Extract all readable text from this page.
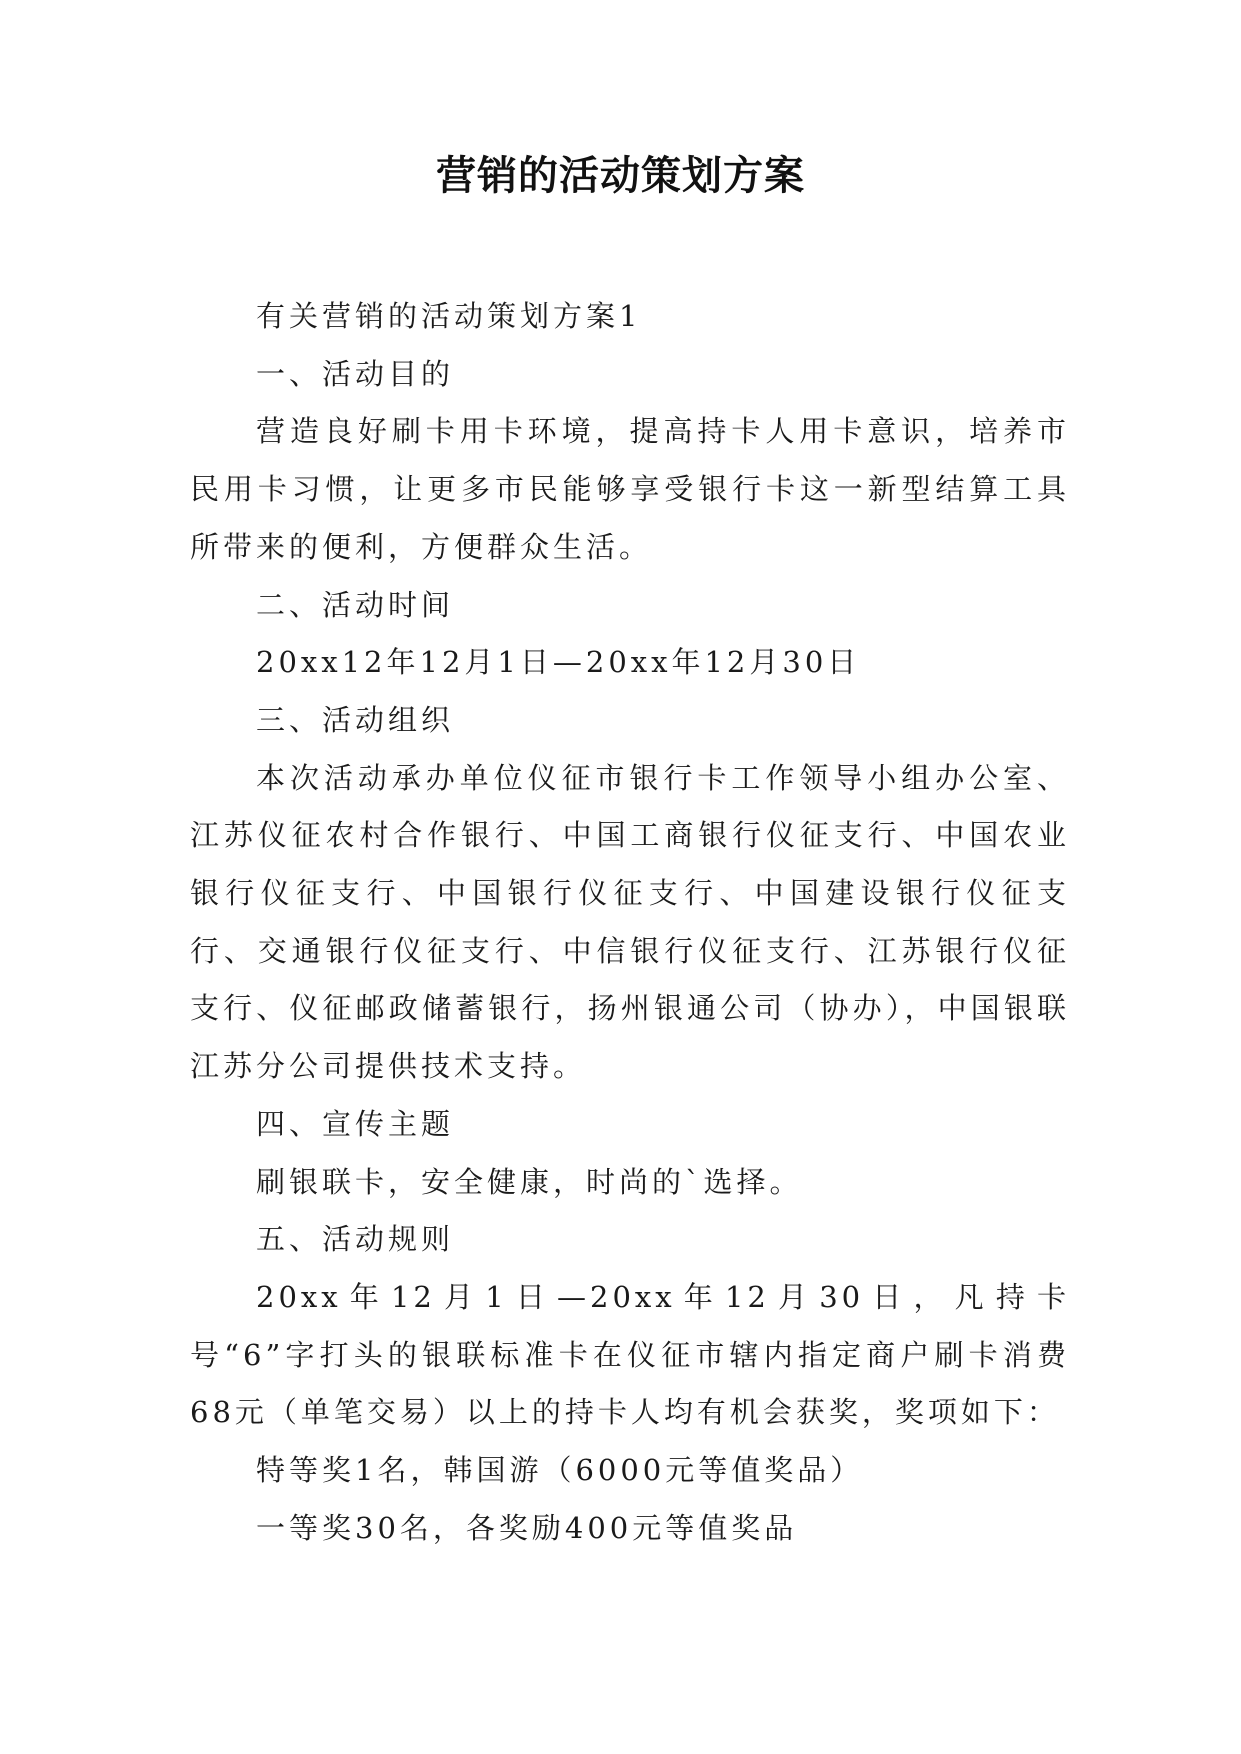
营销的活动策划方案

有关营销的活动策划方案1

一、活动目的

营造良好刷卡用卡环境，提高持卡人用卡意识，培养市民用卡习惯，让更多市民能够享受银行卡这一新型结算工具所带来的便利，方便群众生活。

二、活动时间

20xx12年12月1日—20xx年12月30日

三、活动组织

本次活动承办单位仪征市银行卡工作领导小组办公室、江苏仪征农村合作银行、中国工商银行仪征支行、中国农业银行仪征支行、中国银行仪征支行、中国建设银行仪征支行、交通银行仪征支行、中信银行仪征支行、江苏银行仪征支行、仪征邮政储蓄银行，扬州银通公司（协办），中国银联江苏分公司提供技术支持。

四、宣传主题

刷银联卡，安全健康，时尚的`选择。

五、活动规则

20xx年12月1日—20xx年12月30日，凡持卡号“6”字打头的银联标准卡在仪征市辖内指定商户刷卡消费68元（单笔交易）以上的持卡人均有机会获奖，奖项如下：

特等奖1名，韩国游（6000元等值奖品）

一等奖30名，各奖励400元等值奖品
